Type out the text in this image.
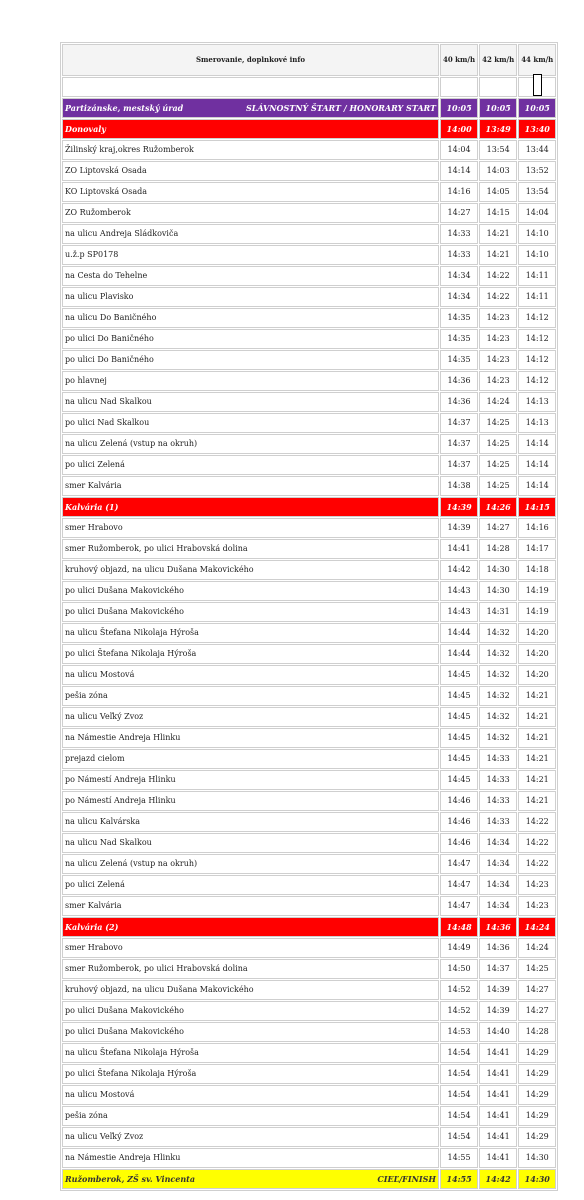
Smerovanie, doplnkové info	40 km/h	42 km/h	44 km/h

Partizánske, mestský úrad SLÁVNOSTNÝ ŠTART / HONORARY START	10:05	10:05	10:05
Donovaly	14:00	13:49	13:40
Žilinský kraj,okres Ružomberok	14:04	13:54	13:44
ZO Liptovská Osada	14:14	14:03	13:52
KO Liptovská Osada	14:16	14:05	13:54
ZO Ružomberok	14:27	14:15	14:04
na ulicu Andreja Sládkoviča	14:33	14:21	14:10
u.ž.p SP0178	14:33	14:21	14:10
na Cesta do Tehelne	14:34	14:22	14:11
na ulicu Plavisko	14:34	14:22	14:11
na ulicu Do Baničného	14:35	14:23	14:12
po ulici Do Baničného	14:35	14:23	14:12
po ulici Do Baničného	14:35	14:23	14:12
po hlavnej	14:36	14:23	14:12
na ulicu Nad Skalkou	14:36	14:24	14:13
po ulici Nad Skalkou	14:37	14:25	14:13
na ulicu Zelená (vstup na okruh)	14:37	14:25	14:14
po ulici Zelená	14:37	14:25	14:14
smer Kalvária	14:38	14:25	14:14
Kalvária (1)	14:39	14:26	14:15
smer Hrabovo	14:39	14:27	14:16
smer Ružomberok, po ulici Hrabovská dolina	14:41	14:28	14:17
kruhový objazd, na ulicu Dušana Makovického	14:42	14:30	14:18
po ulici Dušana Makovického	14:43	14:30	14:19
po ulici Dušana Makovického	14:43	14:31	14:19
na ulicu Štefana Nikolaja Hýroša	14:44	14:32	14:20
po ulici Štefana Nikolaja Hýroša	14:44	14:32	14:20
na ulicu Mostová	14:45	14:32	14:20
pešia zóna	14:45	14:32	14:21
na ulicu Veľký Zvoz	14:45	14:32	14:21
na Námestie Andreja Hlinku	14:45	14:32	14:21
prejazd cielom	14:45	14:33	14:21
po Námestí Andreja Hlinku	14:45	14:33	14:21
po Námestí Andreja Hlinku	14:46	14:33	14:21
na ulicu Kalvárska	14:46	14:33	14:22
na ulicu Nad Skalkou	14:46	14:34	14:22
na ulicu Zelená (vstup na okruh)	14:47	14:34	14:22
po ulici Zelená	14:47	14:34	14:23
smer Kalvária	14:47	14:34	14:23
Kalvária (2)	14:48	14:36	14:24
smer Hrabovo	14:49	14:36	14:24
smer Ružomberok, po ulici Hrabovská dolina	14:50	14:37	14:25
kruhový objazd, na ulicu Dušana Makovického	14:52	14:39	14:27
po ulici Dušana Makovického	14:52	14:39	14:27
po ulici Dušana Makovického	14:53	14:40	14:28
na ulicu Štefana Nikolaja Hýroša	14:54	14:41	14:29
po ulici Štefana Nikolaja Hýroša	14:54	14:41	14:29
na ulicu Mostová	14:54	14:41	14:29
pešia zóna	14:54	14:41	14:29
na ulicu Veľký Zvoz	14:54	14:41	14:29
na Námestie Andreja Hlinku	14:55	14:41	14:30

Ružomberok, ZŠ sv. Vincenta CIEĽ/FINISH	14:55	14:42	14:30
